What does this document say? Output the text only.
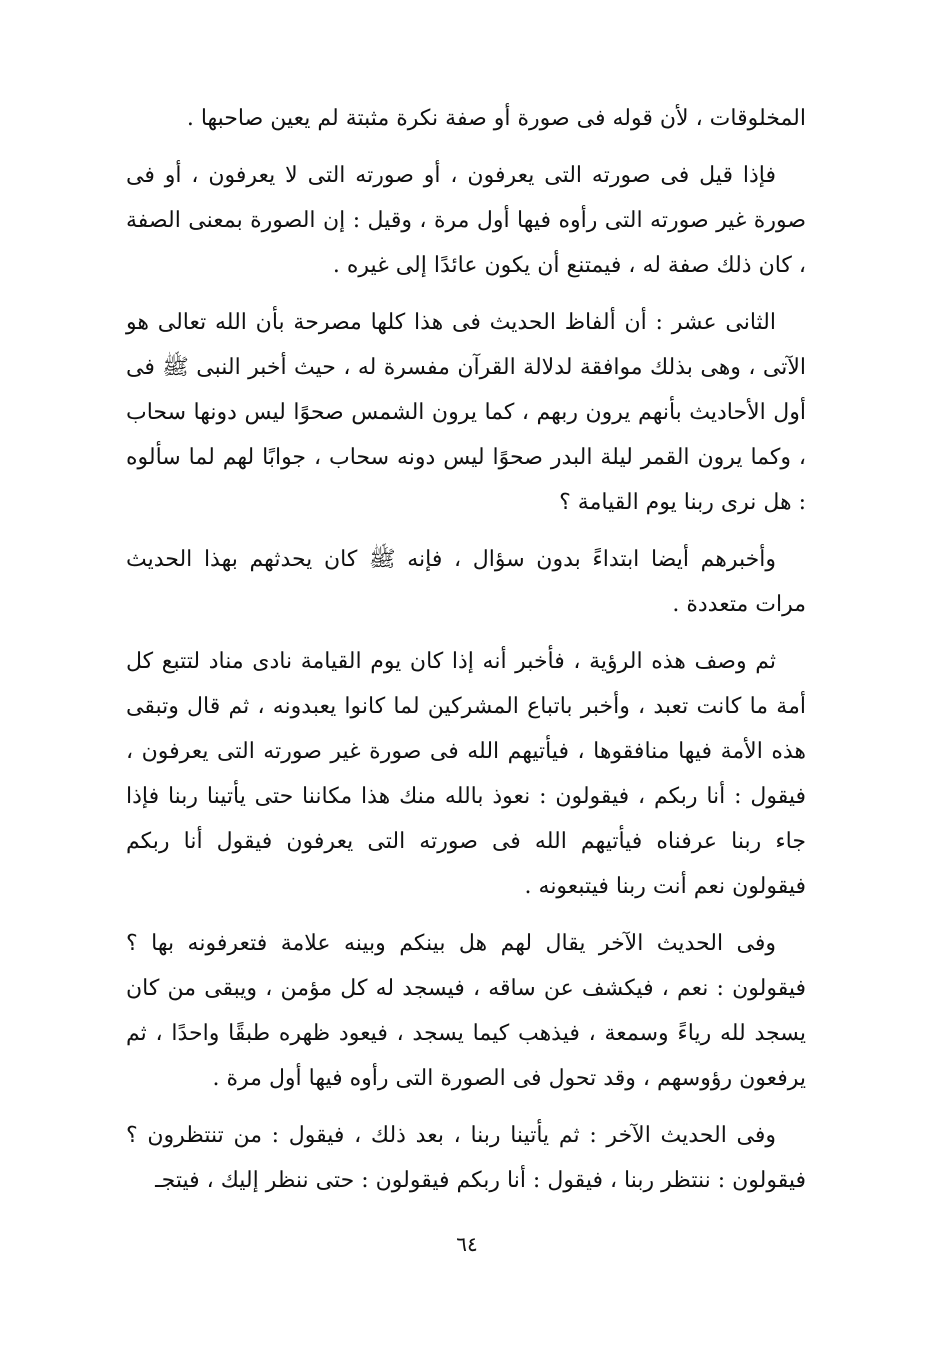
المخلوقات ، لأن قوله فى صورة أو صفة نكرة مثبتة لم يعين صاحبها .

فإذا قيل فى صورته التى يعرفون ، أو صورته التى لا يعرفون ، أو فى صورة غير صورته التى رأوه فيها أول مرة ، وقيل : إن الصورة بمعنى الصفة ، كان ذلك صفة له ، فيمتنع أن يكون عائدًا إلى غيره .

الثانى عشر : أن ألفاظ الحديث فى هذا كلها مصرحة بأن الله تعالى هو الآتى ، وهى بذلك موافقة لدلالة القرآن مفسرة له ، حيث أخبر النبى ﷺ فى أول الأحاديث بأنهم يرون ربهم ، كما يرون الشمس صحوًا ليس دونها سحاب ، وكما يرون القمر ليلة البدر صحوًا ليس دونه سحاب ، جوابًا لهم لما سألوه : هل نرى ربنا يوم القيامة ؟

وأخبرهم أيضا ابتداءً بدون سؤال ، فإنه ﷺ كان يحدثهم بهذا الحديث مرات متعددة .

ثم وصف هذه الرؤية ، فأخبر أنه إذا كان يوم القيامة نادى مناد لتتبع كل أمة ما كانت تعبد ، وأخبر باتباع المشركين لما كانوا يعبدونه ، ثم قال وتبقى هذه الأمة فيها منافقوها ، فيأتيهم الله فى صورة غير صورته التى يعرفون ، فيقول : أنا ربكم ، فيقولون : نعوذ بالله منك هذا مكاننا حتى يأتينا ربنا فإذا جاء ربنا عرفناه فيأتيهم الله فى صورته التى يعرفون فيقول أنا ربكم فيقولون نعم أنت ربنا فيتبعونه .

وفى الحديث الآخر يقال لهم هل بينكم وبينه علامة فتعرفونه بها ؟ فيقولون : نعم ، فيكشف عن ساقه ، فيسجد له كل مؤمن ، ويبقى من كان يسجد لله رياءً وسمعة ، فيذهب كيما يسجد ، فيعود ظهره طبقًا واحدًا ، ثم يرفعون رؤوسهم ، وقد تحول فى الصورة التى رأوه فيها أول مرة .

وفى الحديث الآخر : ثم يأتينا ربنا ، بعد ذلك ، فيقول : من تنتظرون ؟ فيقولون : ننتظر ربنا ، فيقول : أنا ربكم فيقولون : حتى ننظر إليك ، فيتجـ

٦٤
